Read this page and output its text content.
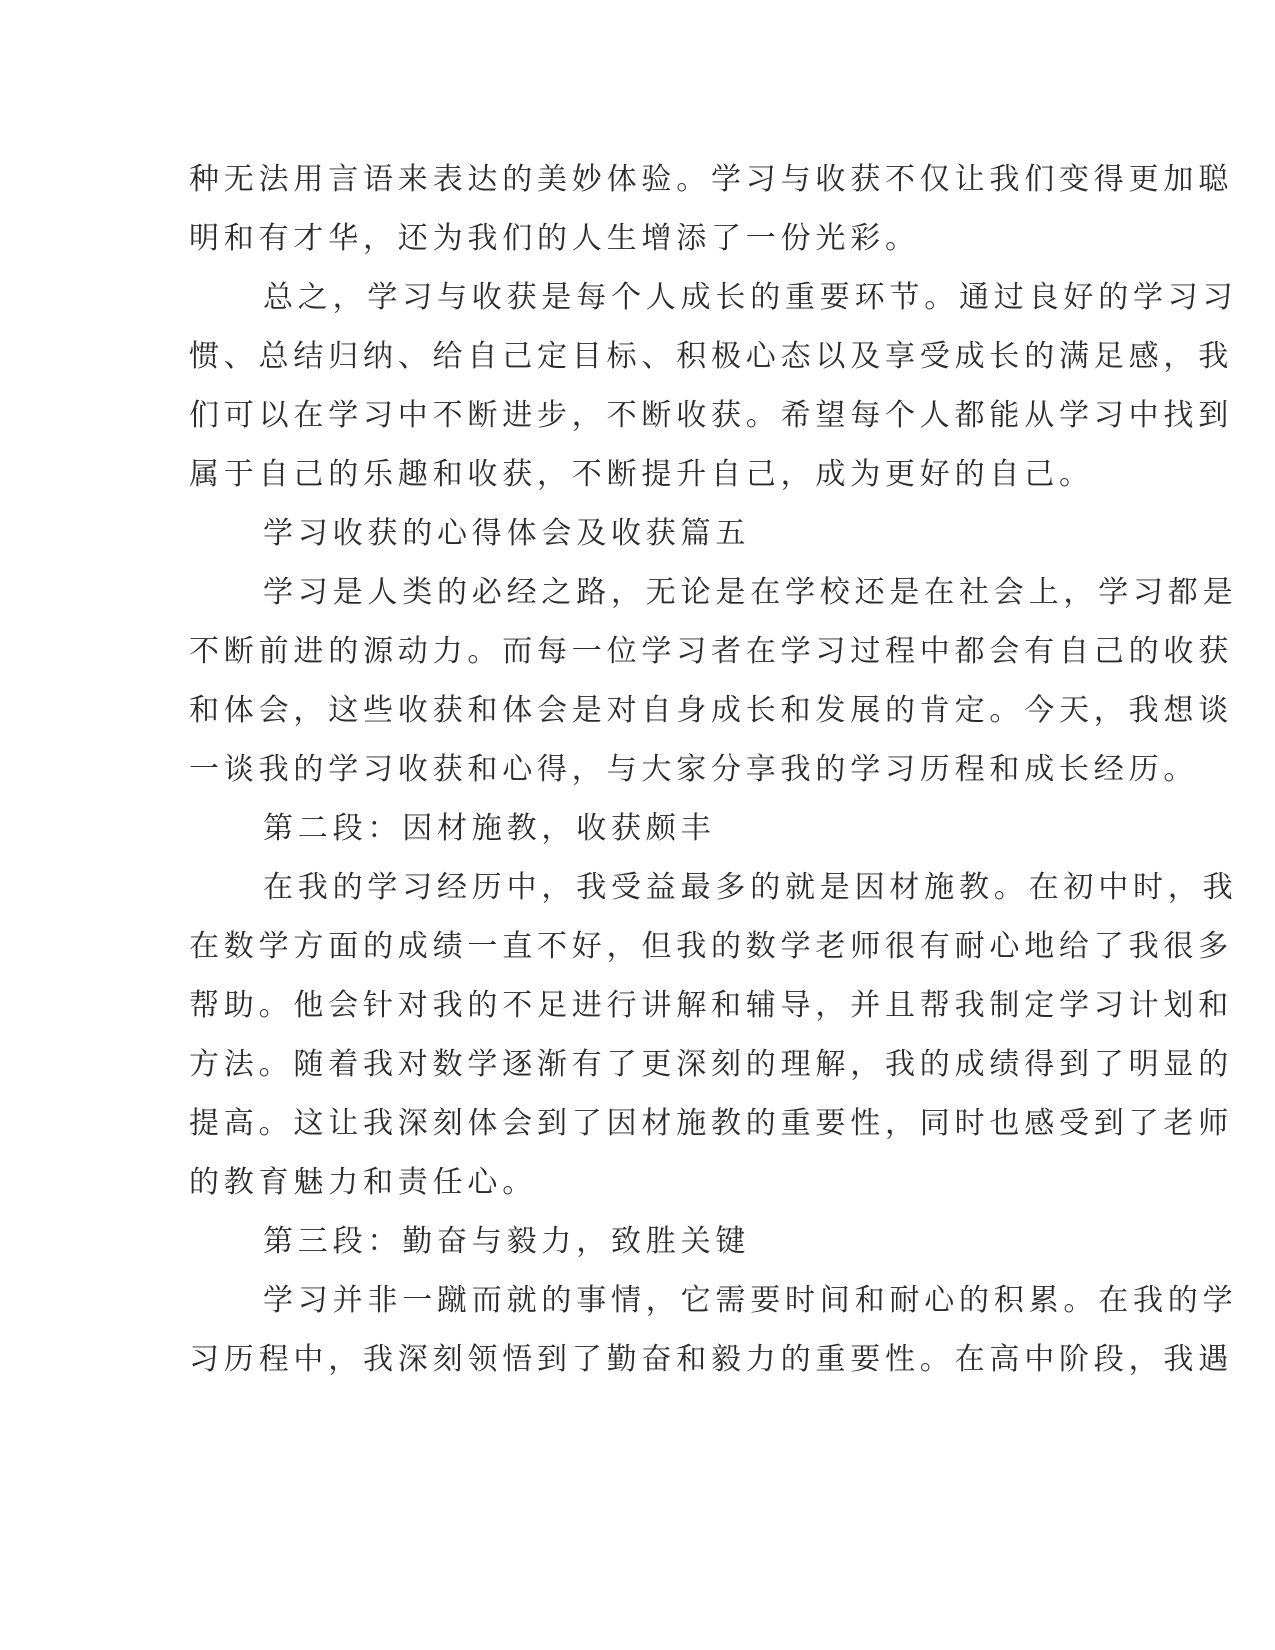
种无法用言语来表达的美妙体验。学习与收获不仅让我们变得更加聪
明和有才华，还为我们的人生增添了一份光彩。
总之，学习与收获是每个人成长的重要环节。通过良好的学习习
惯、总结归纳、给自己定目标、积极心态以及享受成长的满足感，我
们可以在学习中不断进步，不断收获。希望每个人都能从学习中找到
属于自己的乐趣和收获，不断提升自己，成为更好的自己。
学习收获的心得体会及收获篇五
学习是人类的必经之路，无论是在学校还是在社会上，学习都是
不断前进的源动力。而每一位学习者在学习过程中都会有自己的收获
和体会，这些收获和体会是对自身成长和发展的肯定。今天，我想谈
一谈我的学习收获和心得，与大家分享我的学习历程和成长经历。
第二段：因材施教，收获颇丰
在我的学习经历中，我受益最多的就是因材施教。在初中时，我
在数学方面的成绩一直不好，但我的数学老师很有耐心地给了我很多
帮助。他会针对我的不足进行讲解和辅导，并且帮我制定学习计划和
方法。随着我对数学逐渐有了更深刻的理解，我的成绩得到了明显的
提高。这让我深刻体会到了因材施教的重要性，同时也感受到了老师
的教育魅力和责任心。
第三段：勤奋与毅力，致胜关键
学习并非一蹴而就的事情，它需要时间和耐心的积累。在我的学
习历程中，我深刻领悟到了勤奋和毅力的重要性。在高中阶段，我遇
